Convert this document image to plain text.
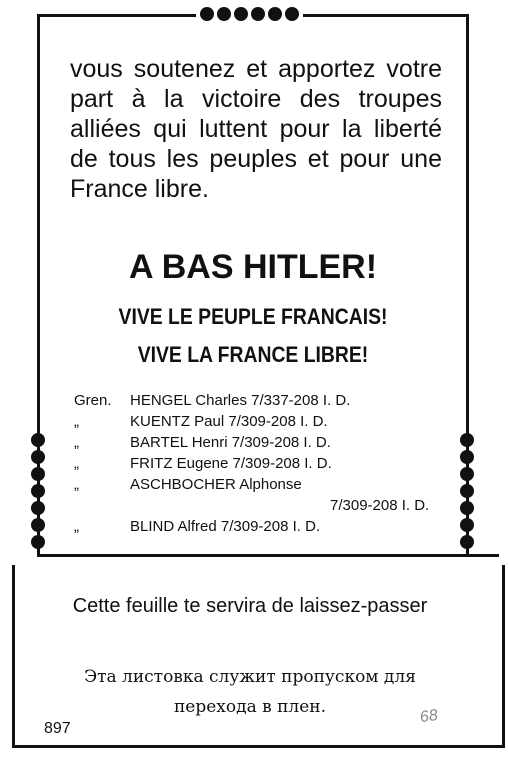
vous soutenez et apportez votre part à la victoire des troupes alliées qui luttent pour la liberté de tous les peuples et pour une France libre.

A BAS HITLER!

VIVE LE PEUPLE FRANCAIS!

VIVE LA FRANCE LIBRE!

Gren.	HENGEL Charles 7/337-208 I. D.
„	KUENTZ Paul 7/309-208 I. D.
„	BARTEL Henri 7/309-208 I. D.
„	FRITZ Eugene 7/309-208 I. D.
„	ASCHBOCHER Alphonse
7/309-208 I. D.
„	BLIND Alfred 7/309-208 I. D.

Cette feuille te servira de laissez-passer

Эта листовка служит пропуском для перехода в плен.

897
68
